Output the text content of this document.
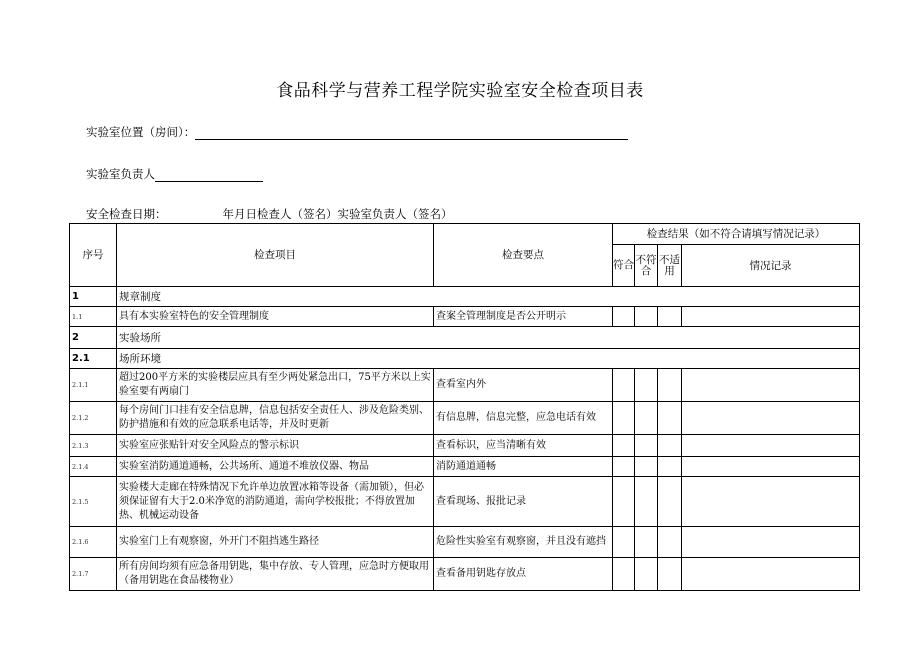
食品科学与营养工程学院实验室安全检查项目表
实验室位置（房间）：
实验室负责人
安全检查日期：	年月日检查人（签名）实验室负责人（签名）
序号	检查项目	检查要点	检查结果（如不符合请填写情况记录）			
			符合	不符合	不适用	情况记录
1	规章制度					
1.1	具有本实验室特色的安全管理制度	查案全管理制度是否公开明示				
2	实验场所					
2.1	场所环境					
2.1.1	超过200平方米的实验楼层应具有至少两处紧急出口，75平方米以上实验室要有两扇门	查看室内外				
2.1.2	每个房间门口挂有安全信息牌，信息包括安全责任人、涉及危险类别、防护措施和有效的应急联系电话等，并及时更新	有信息牌，信息完整，应急电话有效				
2.1.3	实验室应张贴针对安全风险点的警示标识	查看标识，应当清晰有效				
2.1.4	实验室消防通道通畅，公共场所、通道不堆放仪器、物品	消防通道通畅				
2.1.5	实验楼大走廊在特殊情况下允许单边放置冰箱等设备（需加锁），但必须保证留有大于2.0米净宽的消防通道，需向学校报批；不得放置加热、机械运动设备	查看现场、报批记录				
2.1.6	实验室门上有观察窗，外开门不阻挡逃生路径	危险性实验室有观察窗，并且没有遮挡				
2.1.7	所有房间均须有应急备用钥匙，集中存放、专人管理，应急时方便取用（备用钥匙在食品楼物业）	查看备用钥匙存放点				
